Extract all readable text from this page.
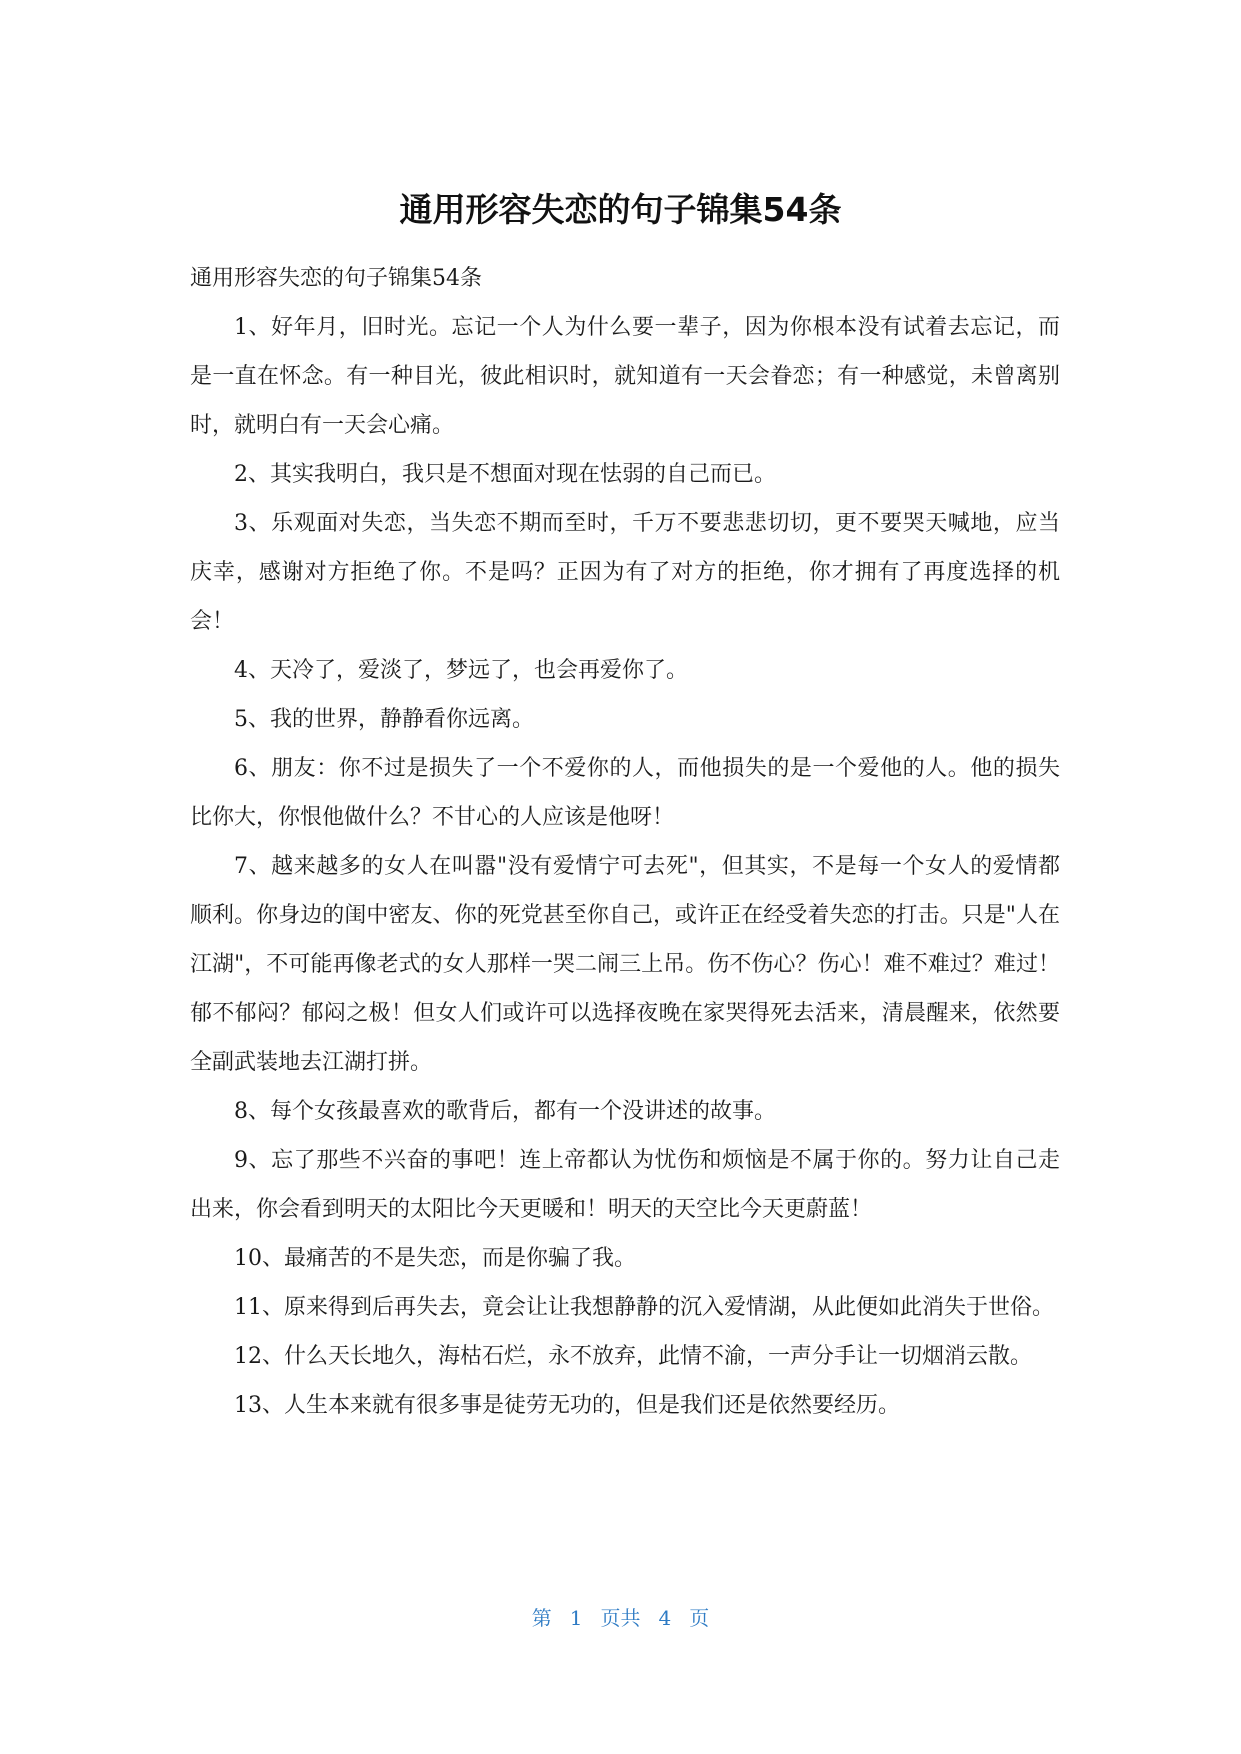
通用形容失恋的句子锦集54条

通用形容失恋的句子锦集54条

1、好年月，旧时光。忘记一个人为什么要一辈子，因为你根本没有试着去忘记，而是一直在怀念。有一种目光，彼此相识时，就知道有一天会眷恋；有一种感觉，未曾离别时，就明白有一天会心痛。

2、其实我明白，我只是不想面对现在怯弱的自己而已。

3、乐观面对失恋，当失恋不期而至时，千万不要悲悲切切，更不要哭天喊地，应当庆幸，感谢对方拒绝了你。不是吗？正因为有了对方的拒绝，你才拥有了再度选择的机会！

4、天冷了，爱淡了，梦远了，也会再爱你了。

5、我的世界，静静看你远离。

6、朋友：你不过是损失了一个不爱你的人，而他损失的是一个爱他的人。他的损失比你大，你恨他做什么？不甘心的人应该是他呀！

7、越来越多的女人在叫嚣"没有爱情宁可去死"，但其实，不是每一个女人的爱情都顺利。你身边的闺中密友、你的死党甚至你自己，或许正在经受着失恋的打击。只是"人在江湖"，不可能再像老式的女人那样一哭二闹三上吊。伤不伤心？伤心！难不难过？难过！郁不郁闷？郁闷之极！但女人们或许可以选择夜晚在家哭得死去活来，清晨醒来，依然要全副武装地去江湖打拼。

8、每个女孩最喜欢的歌背后，都有一个没讲述的故事。

9、忘了那些不兴奋的事吧！连上帝都认为忧伤和烦恼是不属于你的。努力让自己走出来，你会看到明天的太阳比今天更暖和！明天的天空比今天更蔚蓝！

10、最痛苦的不是失恋，而是你骗了我。

11、原来得到后再失去，竟会让让我想静静的沉入爱情湖，从此便如此消失于世俗。

12、什么天长地久，海枯石烂，永不放弃，此情不渝，一声分手让一切烟消云散。

13、人生本来就有很多事是徒劳无功的，但是我们还是依然要经历。

第 1 页共 4 页
